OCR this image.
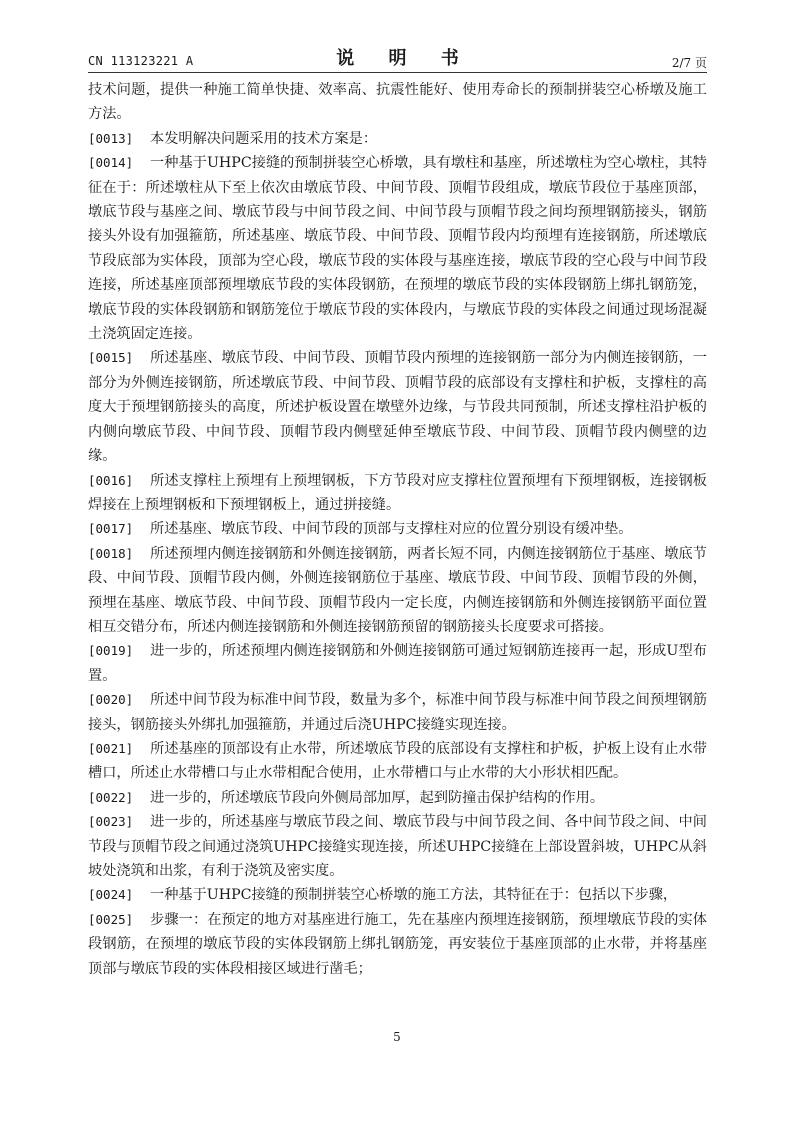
CN 113123221 A	说 明 书	2/7 页

技术问题，提供一种施工简单快捷、效率高、抗震性能好、使用寿命长的预制拼装空心桥墩及施工方法。

[0013] 本发明解决问题采用的技术方案是：

[0014] 一种基于UHPC接缝的预制拼装空心桥墩，具有墩柱和基座，所述墩柱为空心墩柱，其特征在于：所述墩柱从下至上依次由墩底节段、中间节段、顶帽节段组成，墩底节段位于基座顶部，墩底节段与基座之间、墩底节段与中间节段之间、中间节段与顶帽节段之间均预埋钢筋接头，钢筋接头外设有加强箍筋，所述基座、墩底节段、中间节段、顶帽节段内均预埋有连接钢筋，所述墩底节段底部为实体段，顶部为空心段，墩底节段的实体段与基座连接，墩底节段的空心段与中间节段连接，所述基座顶部预埋墩底节段的实体段钢筋，在预埋的墩底节段的实体段钢筋上绑扎钢筋笼，墩底节段的实体段钢筋和钢筋笼位于墩底节段的实体段内，与墩底节段的实体段之间通过现场混凝土浇筑固定连接。

[0015] 所述基座、墩底节段、中间节段、顶帽节段内预埋的连接钢筋一部分为内侧连接钢筋，一部分为外侧连接钢筋，所述墩底节段、中间节段、顶帽节段的底部设有支撑柱和护板，支撑柱的高度大于预埋钢筋接头的高度，所述护板设置在墩壁外边缘，与节段共同预制，所述支撑柱沿护板的内侧向墩底节段、中间节段、顶帽节段内侧壁延伸至墩底节段、中间节段、顶帽节段内侧壁的边缘。

[0016] 所述支撑柱上预埋有上预埋钢板，下方节段对应支撑柱位置预埋有下预埋钢板，连接钢板焊接在上预埋钢板和下预埋钢板上，通过拼接缝。

[0017] 所述基座、墩底节段、中间节段的顶部与支撑柱对应的位置分别设有缓冲垫。

[0018] 所述预埋内侧连接钢筋和外侧连接钢筋，两者长短不同，内侧连接钢筋位于基座、墩底节段、中间节段、顶帽节段内侧，外侧连接钢筋位于基座、墩底节段、中间节段、顶帽节段的外侧，预埋在基座、墩底节段、中间节段、顶帽节段内一定长度，内侧连接钢筋和外侧连接钢筋平面位置相互交错分布，所述内侧连接钢筋和外侧连接钢筋预留的钢筋接头长度要求可搭接。

[0019] 进一步的，所述预埋内侧连接钢筋和外侧连接钢筋可通过短钢筋连接再一起，形成U型布置。

[0020] 所述中间节段为标准中间节段，数量为多个，标准中间节段与标准中间节段之间预埋钢筋接头，钢筋接头外绑扎加强箍筋，并通过后浇UHPC接缝实现连接。

[0021] 所述基座的顶部设有止水带，所述墩底节段的底部设有支撑柱和护板，护板上设有止水带槽口，所述止水带槽口与止水带相配合使用，止水带槽口与止水带的大小形状相匹配。

[0022] 进一步的，所述墩底节段向外侧局部加厚，起到防撞击保护结构的作用。

[0023] 进一步的，所述基座与墩底节段之间、墩底节段与中间节段之间、各中间节段之间、中间节段与顶帽节段之间通过浇筑UHPC接缝实现连接，所述UHPC接缝在上部设置斜坡，UHPC从斜坡处浇筑和出浆，有利于浇筑及密实度。

[0024] 一种基于UHPC接缝的预制拼装空心桥墩的施工方法，其特征在于：包括以下步骤，

[0025] 步骤一：在预定的地方对基座进行施工，先在基座内预埋连接钢筋，预埋墩底节段的实体段钢筋，在预埋的墩底节段的实体段钢筋上绑扎钢筋笼，再安装位于基座顶部的止水带，并将基座顶部与墩底节段的实体段相接区域进行凿毛；

5
